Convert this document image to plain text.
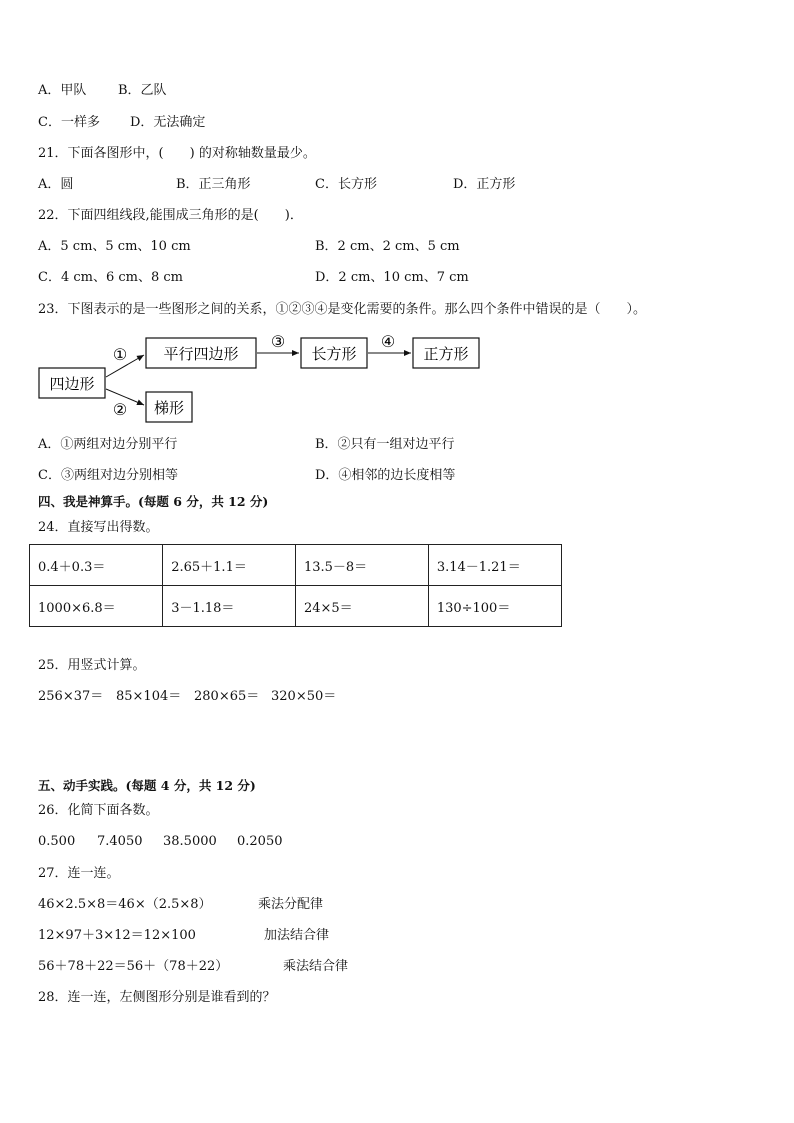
A．甲队 B．乙队
C．一样多 D．无法确定
21．下面各图形中，(　　) 的对称轴数量最少。
A．圆	B．正三角形	C．长方形	D．正方形
22．下面四组线段,能围成三角形的是(　　)．
A．5 cm、5 cm、10 cm	B．2 cm、2 cm、5 cm
C．4 cm、6 cm、8 cm	D．2 cm、10 cm、7 cm
23．下图表示的是一些图形之间的关系，①②③④是变化需要的条件。那么四个条件中错误的是（　　）。
四边形
平行四边形	长方形	正方形
梯形
①
②
③	④
A．①两组对边分别平行	B．②只有一组对边平行
C．③两组对边分别相等	D．④相邻的边长度相等
四、我是神算手。(每题 6 分，共 12 分)
24．直接写出得数。
0.4＋0.3＝	2.65＋1.1＝	13.5－8＝	3.14－1.21＝
1000×6.8＝	3－1.18＝	24×5＝	130÷100＝
25．用竖式计算。
256×37＝ 85×104＝ 280×65＝ 320×50＝
五、动手实践。(每题 4 分，共 12 分)
26．化简下面各数。
0.500 7.4050 38.5000 0.2050
27．连一连。
46×2.5×8＝46×（2.5×8）
12×97＋3×12＝12×100
56＋78＋22＝56＋（78＋22）
乘法分配律
加法结合律
乘法结合律
28．连一连，左侧图形分别是谁看到的？
